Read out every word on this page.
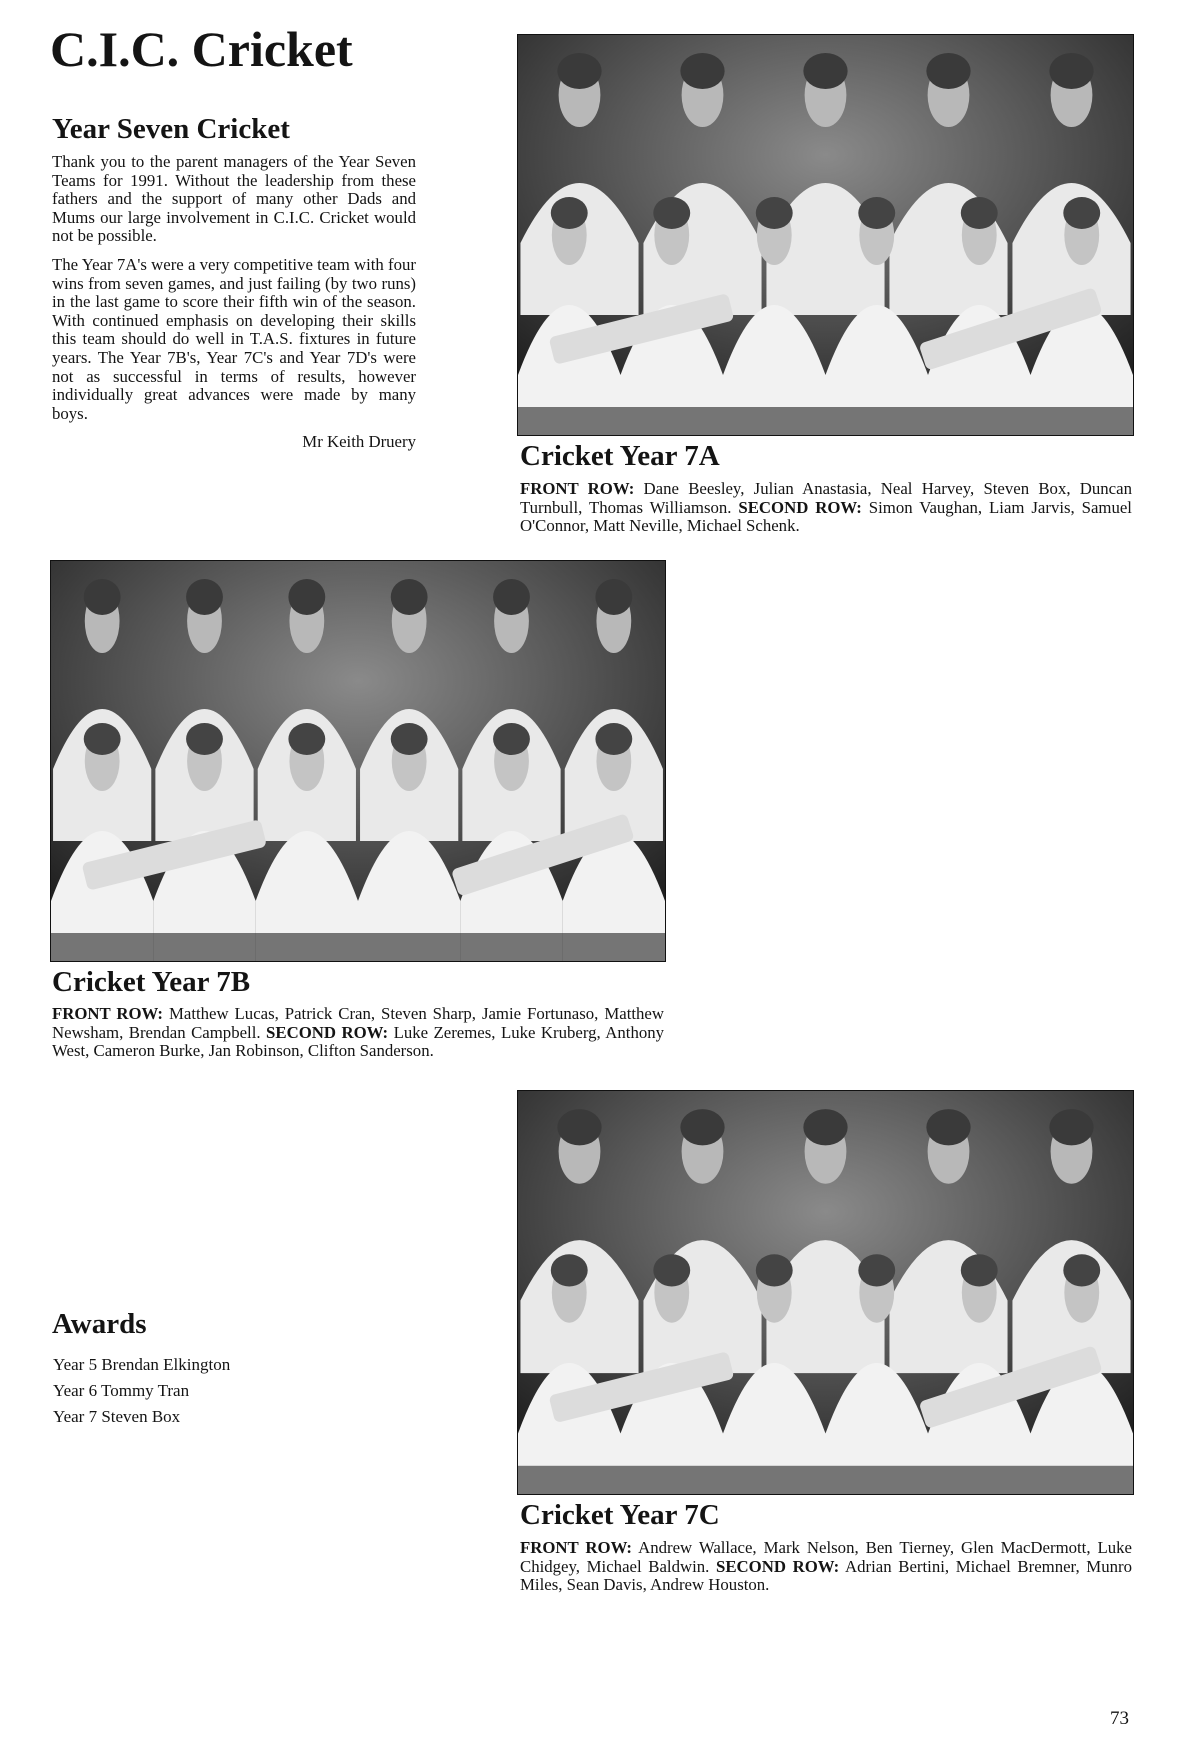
C.I.C. Cricket
Year Seven Cricket

Thank you to the parent managers of the Year Seven Teams for 1991. Without the leadership from these fathers and the support of many other Dads and Mums our large involvement in C.I.C. Cricket would not be possible.

The Year 7A's were a very competitive team with four wins from seven games, and just failing (by two runs) in the last game to score their fifth win of the season. With continued emphasis on developing their skills this team should do well in T.A.S. fixtures in future years. The Year 7B's, Year 7C's and Year 7D's were not as successful in terms of results, however individually great advances were made by many boys.

Mr Keith Druery	Cricket Year 7A
FRONT ROW: Dane Beesley, Julian Anastasia, Neal Harvey, Steven Box, Duncan Turnbull, Thomas Williamson. SECOND ROW: Simon Vaughan, Liam Jarvis, Samuel O'Connor, Matt Neville, Michael Schenk.
Cricket Year 7B
FRONT ROW: Matthew Lucas, Patrick Cran, Steven Sharp, Jamie Fortunaso, Matthew Newsham, Brendan Campbell. SECOND ROW: Luke Zeremes, Luke Kruberg, Anthony West, Cameron Burke, Jan Robinson, Clifton Sanderson.
Awards
Year 5 Brendan Elkington
Year 6 Tommy Tran
Year 7 Steven Box
Cricket Year 7C
FRONT ROW: Andrew Wallace, Mark Nelson, Ben Tierney, Glen MacDermott, Luke Chidgey, Michael Baldwin. SECOND ROW: Adrian Bertini, Michael Bremner, Munro Miles, Sean Davis, Andrew Houston.
73
